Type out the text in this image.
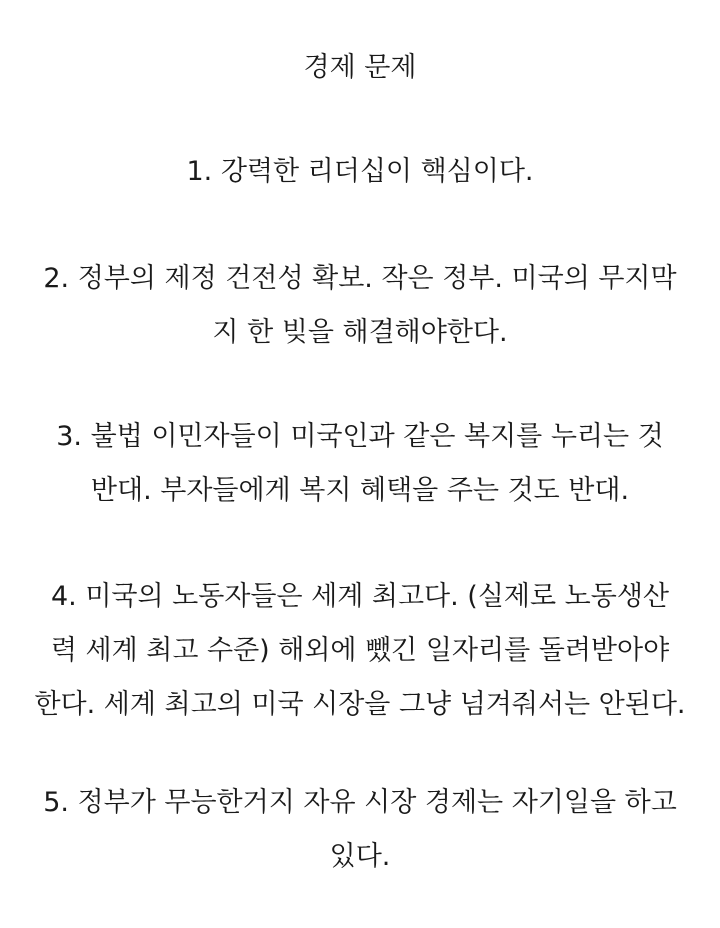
경제 문제

1. 강력한 리더십이 핵심이다.

2. 정부의 제정 건전성 확보. 작은 정부. 미국의 무지막
지 한 빚을 해결해야한다.

3. 불법 이민자들이 미국인과 같은 복지를 누리는 것
반대. 부자들에게 복지 혜택을 주는 것도 반대.

4. 미국의 노동자들은 세계 최고다. (실제로 노동생산
력 세계 최고 수준) 해외에 뺐긴 일자리를 돌려받아야
한다. 세계 최고의 미국 시장을 그냥 넘겨줘서는 안된다.

5. 정부가 무능한거지 자유 시장 경제는 자기일을 하고
있다.
